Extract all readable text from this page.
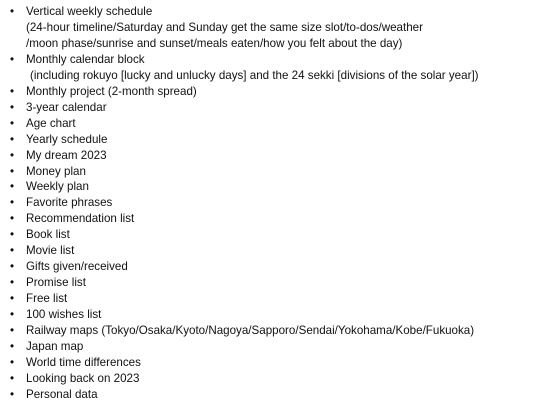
• Vertical weekly schedule
(24-hour timeline/Saturday and Sunday get the same size slot/to-dos/weather
/moon phase/sunrise and sunset/meals eaten/how you felt about the day)
• Monthly calendar block
(including rokuyo [lucky and unlucky days] and the 24 sekki [divisions of the solar year])
• Monthly project (2-month spread)
• 3-year calendar
• Age chart
• Yearly schedule
• My dream 2023
• Money plan
• Weekly plan
• Favorite phrases
• Recommendation list
• Book list
• Movie list
• Gifts given/received
• Promise list
• Free list
• 100 wishes list
• Railway maps (Tokyo/Osaka/Kyoto/Nagoya/Sapporo/Sendai/Yokohama/Kobe/Fukuoka)
• Japan map
• World time differences
• Looking back on 2023
• Personal data
